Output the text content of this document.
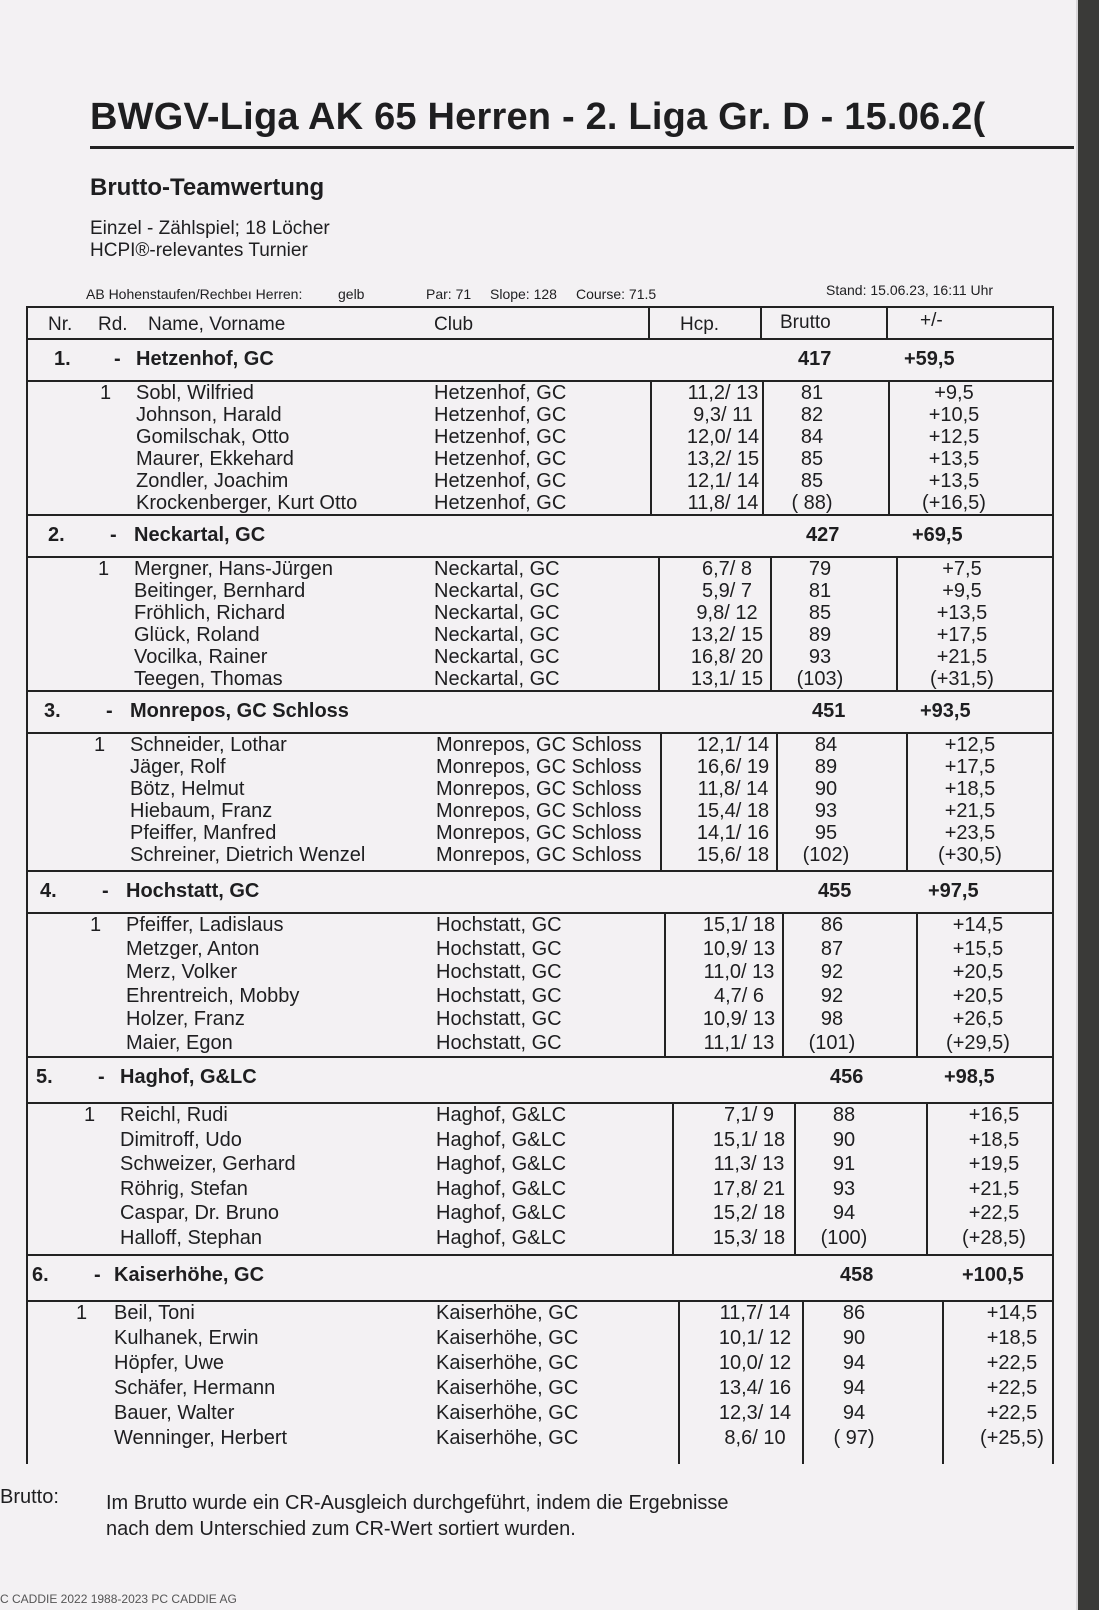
BWGV-Liga AK 65 Herren - 2. Liga Gr. D - 15.06.2(
Brutto-Teamwertung
Einzel - Zählspiel; 18 Löcher
HCPI®-relevantes Turnier
AB Hohenstaufen/Rechbeı Herren:	gelb	Par: 71 Slope: 128 Course: 71.5	Stand: 15.06.23, 16:11 Uhr
Nr. Rd. Name, Vorname	Club	Hcp.	Brutto	+/-
1. - Hetzenhof, GC	417	+59,5
1 Sobl, Wilfried	Hetzenhof, GC	11,2/ 13	81	+9,5
Johnson, Harald	Hetzenhof, GC	9,3/ 11	82	+10,5
Gomilschak, Otto	Hetzenhof, GC	12,0/ 14	84	+12,5
Maurer, Ekkehard	Hetzenhof, GC	13,2/ 15	85	+13,5
Zondler, Joachim	Hetzenhof, GC	12,1/ 14	85	+13,5
Krockenberger, Kurt Otto	Hetzenhof, GC	11,8/ 14	( 88)	(+16,5)
2. - Neckartal, GC	427	+69,5
1 Mergner, Hans-Jürgen	Neckartal, GC	6,7/ 8	79	+7,5
Beitinger, Bernhard	Neckartal, GC	5,9/ 7	81	+9,5
Fröhlich, Richard	Neckartal, GC	9,8/ 12	85	+13,5
Glück, Roland	Neckartal, GC	13,2/ 15	89	+17,5
Vocilka, Rainer	Neckartal, GC	16,8/ 20	93	+21,5
Teegen, Thomas	Neckartal, GC	13,1/ 15	(103)	(+31,5)
3. - Monrepos, GC Schloss	451	+93,5
1 Schneider, Lothar	Monrepos, GC Schloss	12,1/ 14	84	+12,5
Jäger, Rolf	Monrepos, GC Schloss	16,6/ 19	89	+17,5
Bötz, Helmut	Monrepos, GC Schloss	11,8/ 14	90	+18,5
Hiebaum, Franz	Monrepos, GC Schloss	15,4/ 18	93	+21,5
Pfeiffer, Manfred	Monrepos, GC Schloss	14,1/ 16	95	+23,5
Schreiner, Dietrich Wenzel	Monrepos, GC Schloss	15,6/ 18	(102)	(+30,5)
4. - Hochstatt, GC	455	+97,5
1 Pfeiffer, Ladislaus	Hochstatt, GC	15,1/ 18	86	+14,5
Metzger, Anton	Hochstatt, GC	10,9/ 13	87	+15,5
Merz, Volker	Hochstatt, GC	11,0/ 13	92	+20,5
Ehrentreich, Mobby	Hochstatt, GC	4,7/ 6	92	+20,5
Holzer, Franz	Hochstatt, GC	10,9/ 13	98	+26,5
Maier, Egon	Hochstatt, GC	11,1/ 13	(101)	(+29,5)
5. - Haghof, G&LC	456	+98,5
1 Reichl, Rudi	Haghof, G&LC	7,1/ 9	88	+16,5
Dimitroff, Udo	Haghof, G&LC	15,1/ 18	90	+18,5
Schweizer, Gerhard	Haghof, G&LC	11,3/ 13	91	+19,5
Röhrig, Stefan	Haghof, G&LC	17,8/ 21	93	+21,5
Caspar, Dr. Bruno	Haghof, G&LC	15,2/ 18	94	+22,5
Halloff, Stephan	Haghof, G&LC	15,3/ 18	(100)	(+28,5)
6. - Kaiserhöhe, GC	458	+100,5
1 Beil, Toni	Kaiserhöhe, GC	11,7/ 14	86	+14,5
Kulhanek, Erwin	Kaiserhöhe, GC	10,1/ 12	90	+18,5
Höpfer, Uwe	Kaiserhöhe, GC	10,0/ 12	94	+22,5
Schäfer, Hermann	Kaiserhöhe, GC	13,4/ 16	94	+22,5
Bauer, Walter	Kaiserhöhe, GC	12,3/ 14	94	+22,5
Wenninger, Herbert	Kaiserhöhe, GC	8,6/ 10	( 97)	(+25,5)
Brutto: Im Brutto wurde ein CR-Ausgleich durchgeführt, indem die Ergebnisse
nach dem Unterschied zum CR-Wert sortiert wurden.
C CADDIE 2022 1988-2023 PC CADDIE AG
